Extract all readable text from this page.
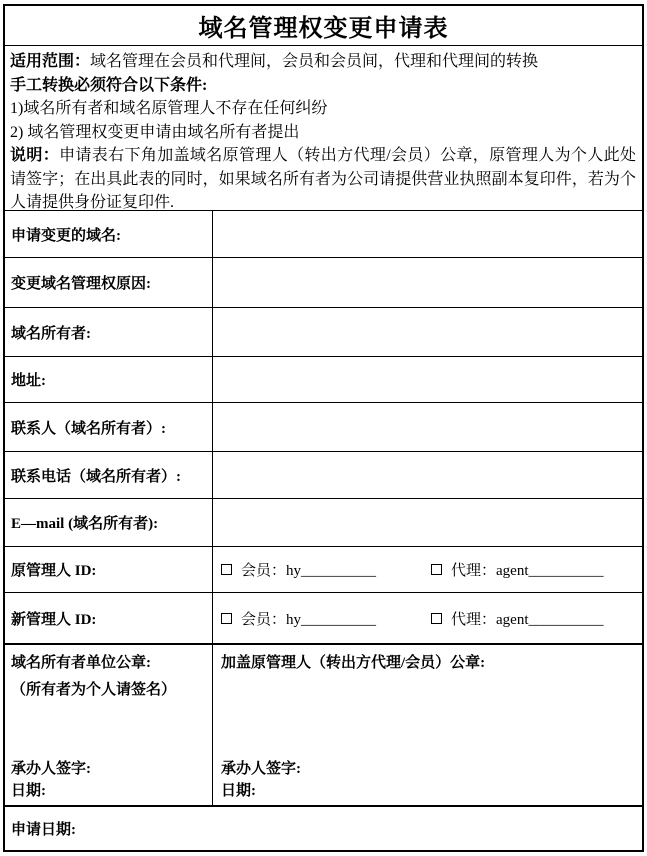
域名管理权变更申请表

适用范围：域名管理在会员和代理间，会员和会员间，代理和代理间的转换

手工转换必须符合以下条件:

1)域名所有者和域名原管理人不存在任何纠纷

2) 域名管理权变更申请由域名所有者提出

说明：申请表右下角加盖域名原管理人（转出方代理/会员）公章，原管理人为个人此处请签字；在出具此表的同时，如果域名所有者为公司请提供营业执照副本复印件，若为个人请提供身份证复印件.

申请变更的域名:
变更域名管理权原因:
域名所有者:
地址:
联系人（域名所有者）:
联系电话（域名所有者）:
E—mail (域名所有者):
原管理人 ID:	会员：hy__________	代理：agent__________
新管理人 ID:	会员：hy__________	代理：agent__________
域名所有者单位公章:
（所有者为个人请签名）
承办人签字:
日期:
加盖原管理人（转出方代理/会员）公章:
承办人签字:
日期:
申请日期:
